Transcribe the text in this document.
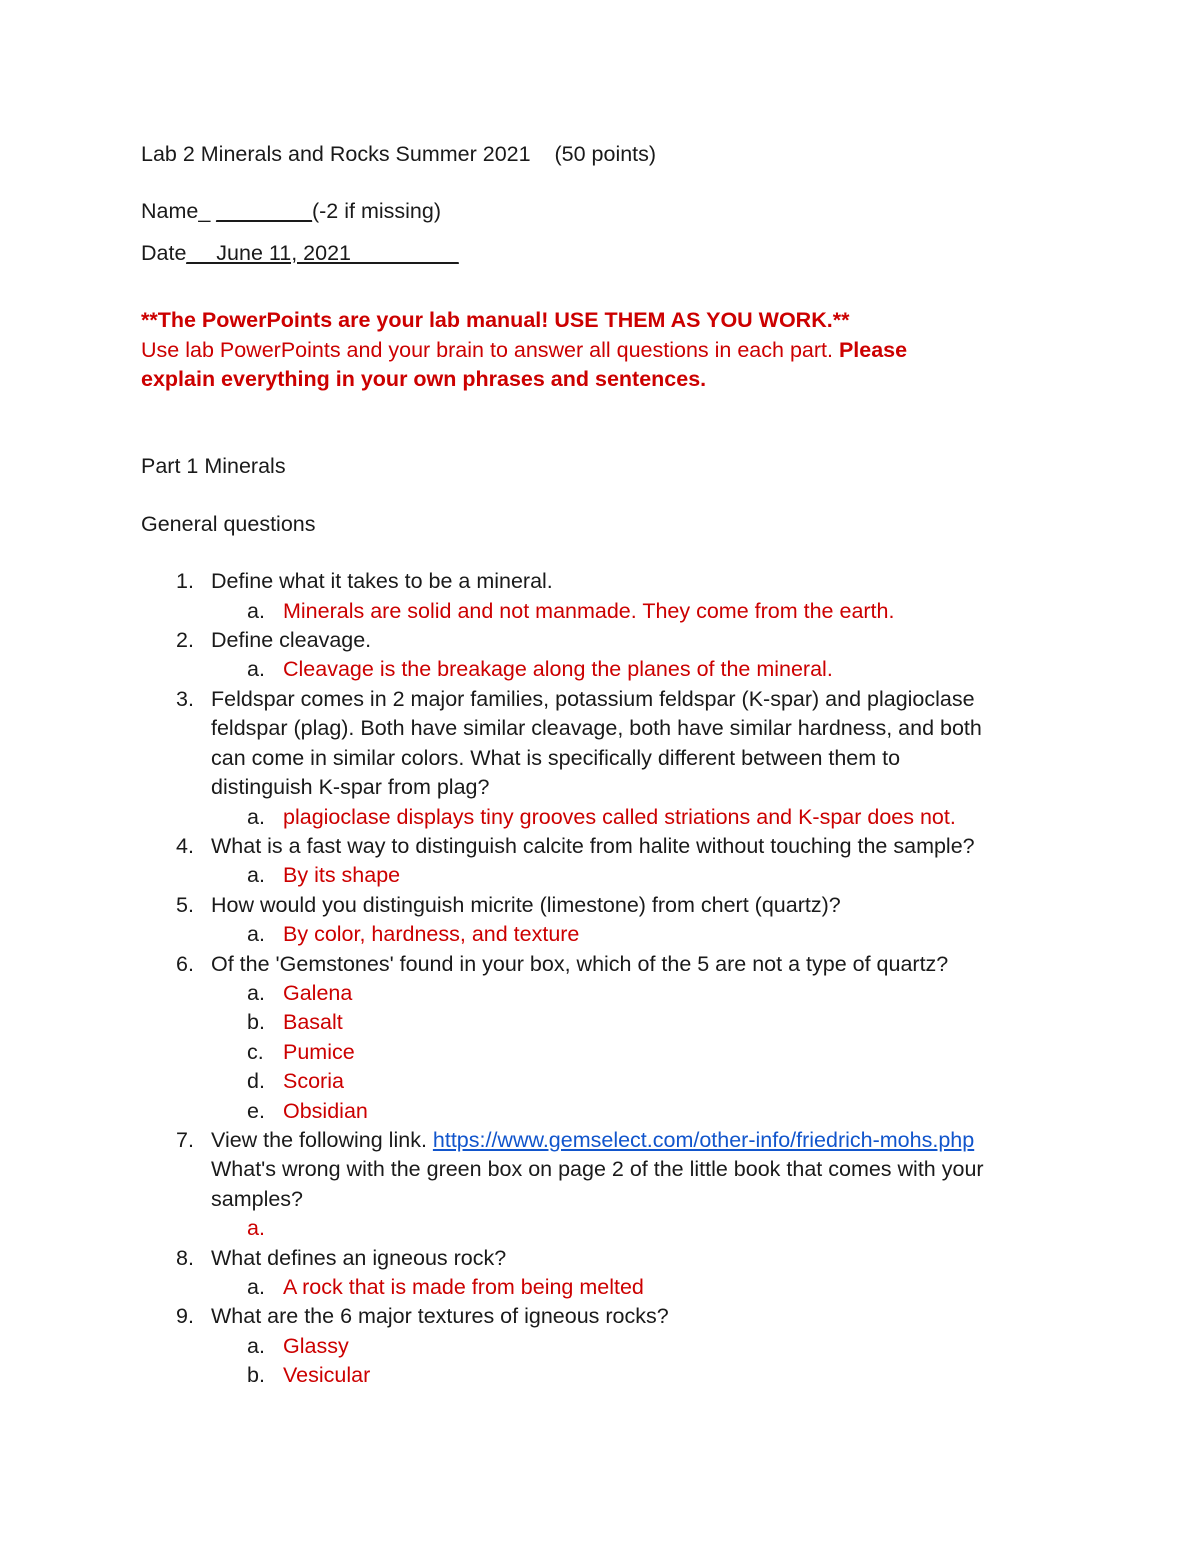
Lab 2 Minerals and Rocks Summer 2021    (50 points)
Name_ ________(-2 if missing)
Date_ _June 11, 2021_________
**The PowerPoints are your lab manual! USE THEM AS YOU WORK.**
Use lab PowerPoints and your brain to answer all questions in each part. Please
explain everything in your own phrases and sentences.
Part 1 Minerals
General questions
1. Define what it takes to be a mineral.
a. Minerals are solid and not manmade. They come from the earth.
2. Define cleavage.
a. Cleavage is the breakage along the planes of the mineral.
3. Feldspar comes in 2 major families, potassium feldspar (K-spar) and plagioclase
feldspar (plag). Both have similar cleavage, both have similar hardness, and both
can come in similar colors. What is specifically different between them to
distinguish K-spar from plag?
a. plagioclase displays tiny grooves called striations and K-spar does not.
4. What is a fast way to distinguish calcite from halite without touching the sample?
a. By its shape
5. How would you distinguish micrite (limestone) from chert (quartz)?
a. By color, hardness, and texture
6. Of the 'Gemstones' found in your box, which of the 5 are not a type of quartz?
a. Galena
b. Basalt
c. Pumice
d. Scoria
e. Obsidian
7. View the following link. https://www.gemselect.com/other-info/friedrich-mohs.php
What's wrong with the green box on page 2 of the little book that comes with your
samples?
a.
8. What defines an igneous rock?
a. A rock that is made from being melted
9. What are the 6 major textures of igneous rocks?
a. Glassy
b. Vesicular
